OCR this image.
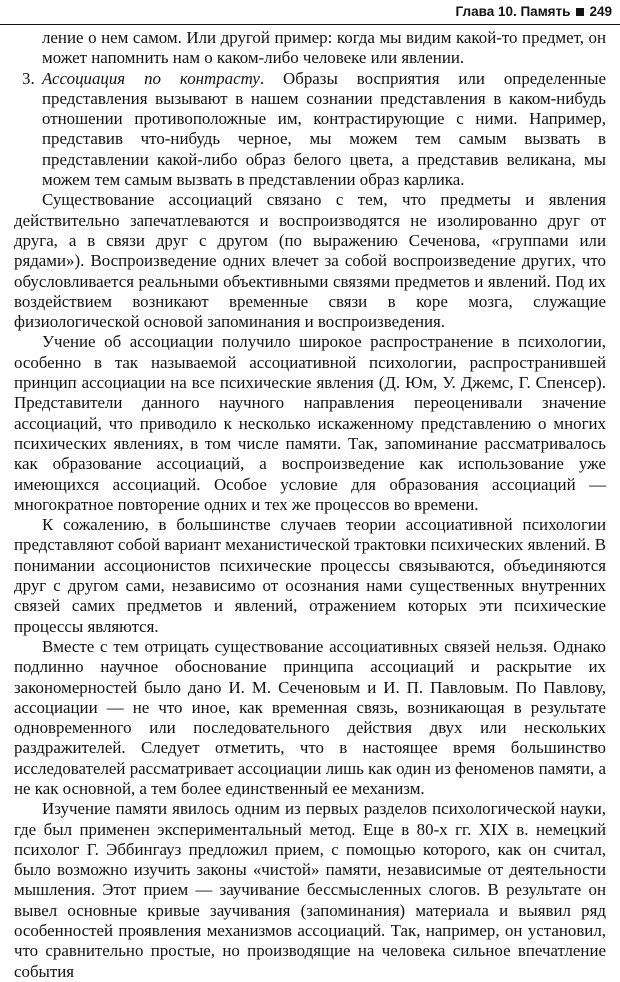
Глава 10. Память 249

ление о нем самом. Или другой пример: когда мы видим какой-то предмет, он может напомнить нам о каком-либо человеке или явлении.

3. Ассоциация по контрасту. Образы восприятия или определенные представления вызывают в нашем сознании представления в каком-нибудь отношении противоположные им, контрастирующие с ними. Например, представив что-нибудь черное, мы можем тем самым вызвать в представлении какой-либо образ белого цвета, а представив великана, мы можем тем самым вызвать в представлении образ карлика.

Существование ассоциаций связано с тем, что предметы и явления действительно запечатлеваются и воспроизводятся не изолированно друг от друга, а в связи друг с другом (по выражению Сеченова, «группами или рядами»). Воспроизведение одних влечет за собой воспроизведение других, что обусловливается реальными объективными связями предметов и явлений. Под их воздействием возникают временные связи в коре мозга, служащие физиологической основой запоминания и воспроизведения.

Учение об ассоциации получило широкое распространение в психологии, особенно в так называемой ассоциативной психологии, распространившей принцип ассоциации на все психические явления (Д. Юм, У. Джемс, Г. Спенсер). Представители данного научного направления переоценивали значение ассоциаций, что приводило к несколько искаженному представлению о многих психических явлениях, в том числе памяти. Так, запоминание рассматривалось как образование ассоциаций, а воспроизведение как использование уже имеющихся ассоциаций. Особое условие для образования ассоциаций — многократное повторение одних и тех же процессов во времени.

К сожалению, в большинстве случаев теории ассоциативной психологии представляют собой вариант механистической трактовки психических явлений. В понимании ассоционистов психические процессы связываются, объединяются друг с другом сами, независимо от осознания нами существенных внутренних связей самих предметов и явлений, отражением которых эти психические процессы являются.

Вместе с тем отрицать существование ассоциативных связей нельзя. Однако подлинно научное обоснование принципа ассоциаций и раскрытие их закономерностей было дано И. М. Сеченовым и И. П. Павловым. По Павлову, ассоциации — не что иное, как временная связь, возникающая в результате одновременного или последовательного действия двух или нескольких раздражителей. Следует отметить, что в настоящее время большинство исследователей рассматривает ассоциации лишь как один из феноменов памяти, а не как основной, а тем более единственный ее механизм.

Изучение памяти явилось одним из первых разделов психологической науки, где был применен экспериментальный метод. Еще в 80-х гг. XIX в. немецкий психолог Г. Эббингауз предложил прием, с помощью которого, как он считал, было возможно изучить законы «чистой» памяти, независимые от деятельности мышления. Этот прием — заучивание бессмысленных слогов. В результате он вывел основные кривые заучивания (запоминания) материала и выявил ряд особенностей проявления механизмов ассоциаций. Так, например, он установил, что сравнительно простые, но производящие на человека сильное впечатление события
